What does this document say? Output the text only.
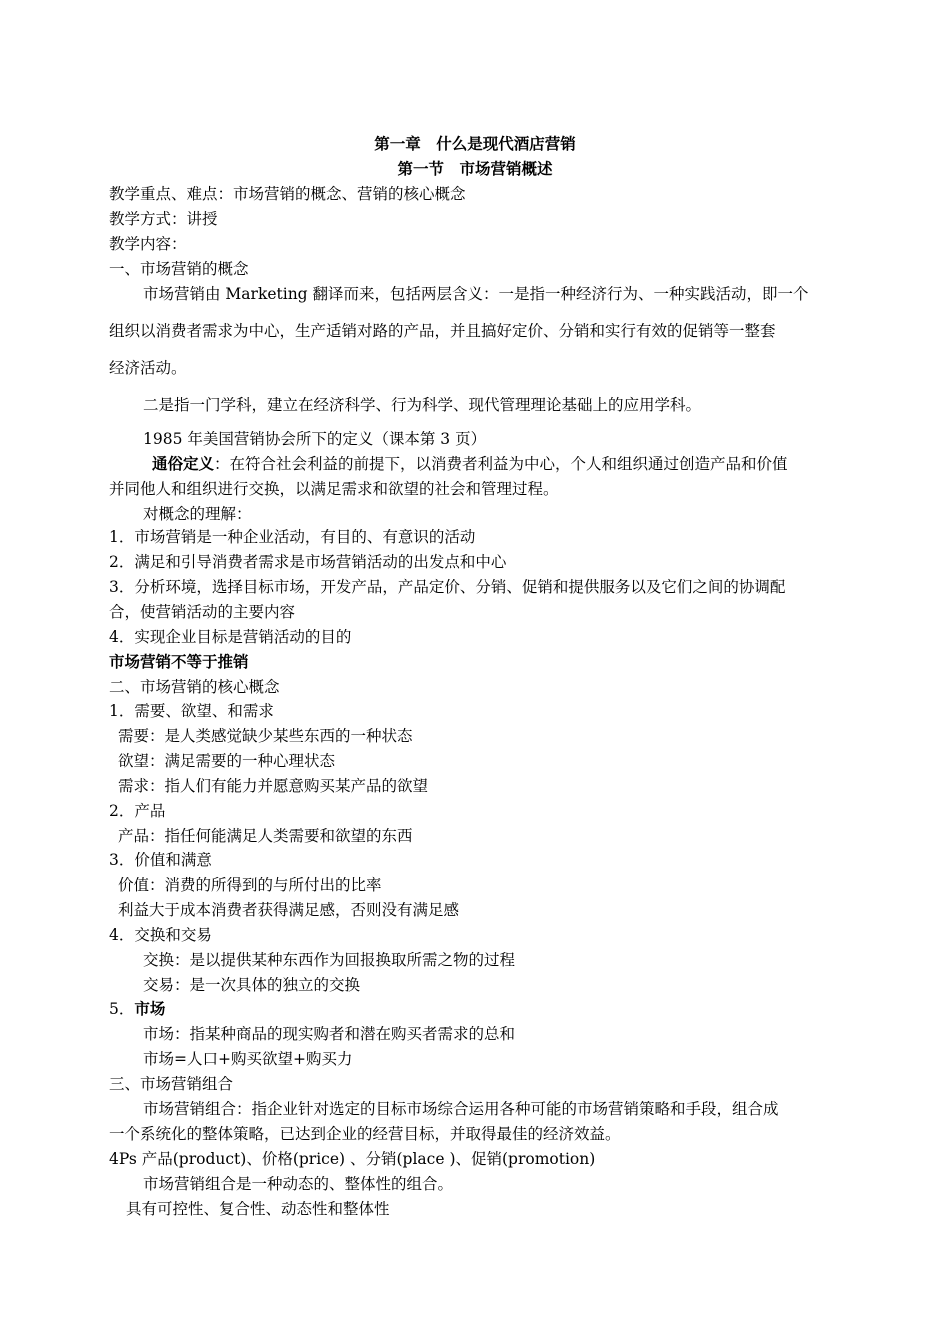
第一章　什么是现代酒店营销
第一节　市场营销概述
教学重点、难点：市场营销的概念、营销的核心概念
教学方式：讲授
教学内容：
一、市场营销的概念
市场营销由 Marketing 翻译而来，包括两层含义：一是指一种经济行为、一种实践活动，即一个
组织以消费者需求为中心，生产适销对路的产品，并且搞好定价、分销和实行有效的促销等一整套
经济活动。
二是指一门学科，建立在经济科学、行为科学、现代管理理论基础上的应用学科。
1985 年美国营销协会所下的定义（课本第 3 页）
通俗定义：在符合社会利益的前提下，以消费者利益为中心，个人和组织通过创造产品和价值
并同他人和组织进行交换，以满足需求和欲望的社会和管理过程。
对概念的理解：
1．市场营销是一种企业活动，有目的、有意识的活动
2．满足和引导消费者需求是市场营销活动的出发点和中心
3．分析环境，选择目标市场，开发产品，产品定价、分销、促销和提供服务以及它们之间的协调配
合，使营销活动的主要内容
4．实现企业目标是营销活动的目的
市场营销不等于推销
二、市场营销的核心概念
1．需要、欲望、和需求
需要：是人类感觉缺少某些东西的一种状态
欲望：满足需要的一种心理状态
需求：指人们有能力并愿意购买某产品的欲望
2．产品
产品：指任何能满足人类需要和欲望的东西
3．价值和满意
价值：消费的所得到的与所付出的比率
利益大于成本消费者获得满足感，否则没有满足感
4．交换和交易
交换：是以提供某种东西作为回报换取所需之物的过程
交易：是一次具体的独立的交换
5．市场
市场：指某种商品的现实购者和潜在购买者需求的总和
市场=人口+购买欲望+购买力
三、市场营销组合
市场营销组合：指企业针对选定的目标市场综合运用各种可能的市场营销策略和手段，组合成
一个系统化的整体策略，已达到企业的经营目标，并取得最佳的经济效益。
4Ps 产品(product)、价格(price) 、分销(place )、促销(promotion)
市场营销组合是一种动态的、整体性的组合。
具有可控性、复合性、动态性和整体性
